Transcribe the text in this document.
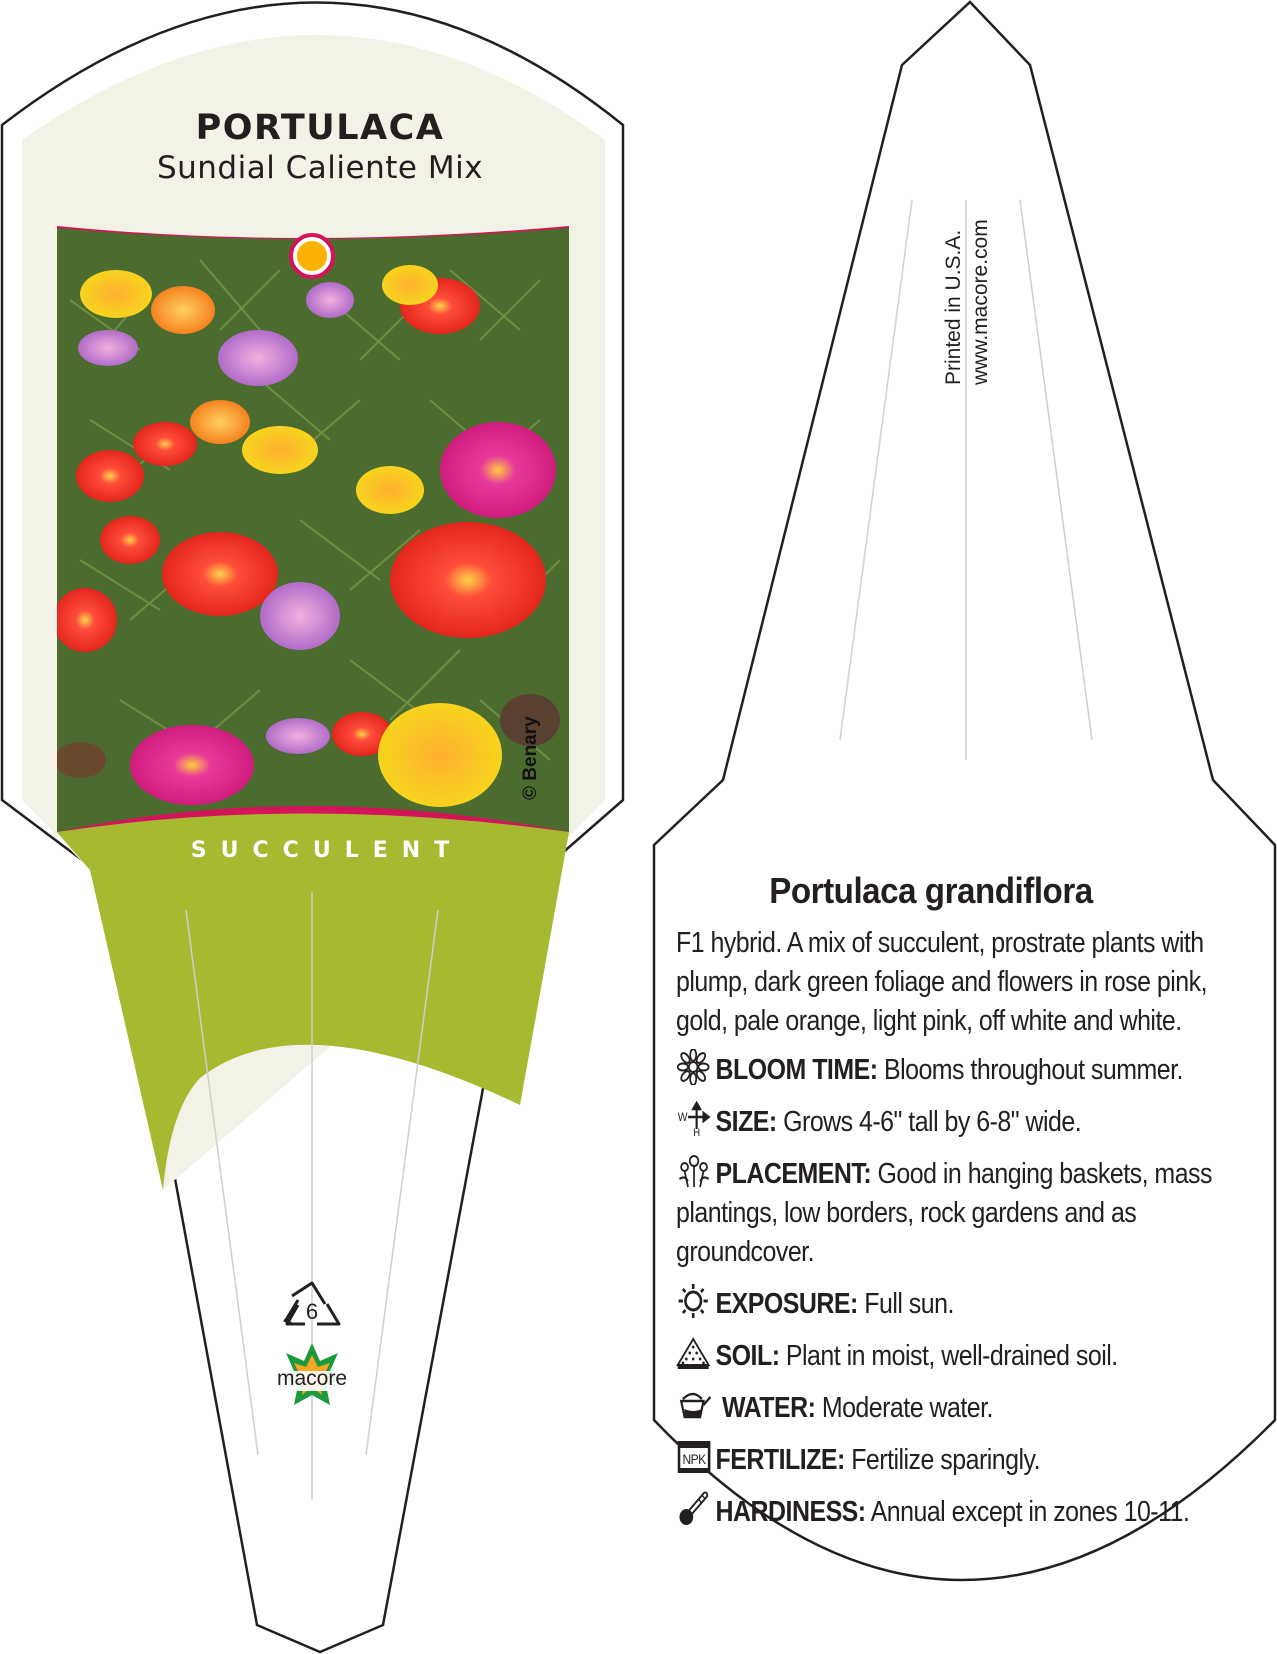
6
macore
PORTULACA
Sundial Caliente Mix
SUCCULENT
© Benary
Printed in U.S.A. www.macore.com
Portulaca grandiflora

F1 hybrid. A mix of succulent, prostrate plants with plump, dark green foliage and flowers in rose pink, gold, pale orange, light pink, off white and white.

BLOOM TIME: Blooms throughout summer.
W
H SIZE: Grows 4-6" tall by 6-8" wide.
PLACEMENT: Good in hanging baskets, mass plantings, low borders, rock gardens and as groundcover.
EXPOSURE: Full sun.
SOIL: Plant in moist, well-drained soil.
WATER: Moderate water.
NPK FERTILIZE: Fertilize sparingly.
HARDINESS: Annual except in zones 10-11.
